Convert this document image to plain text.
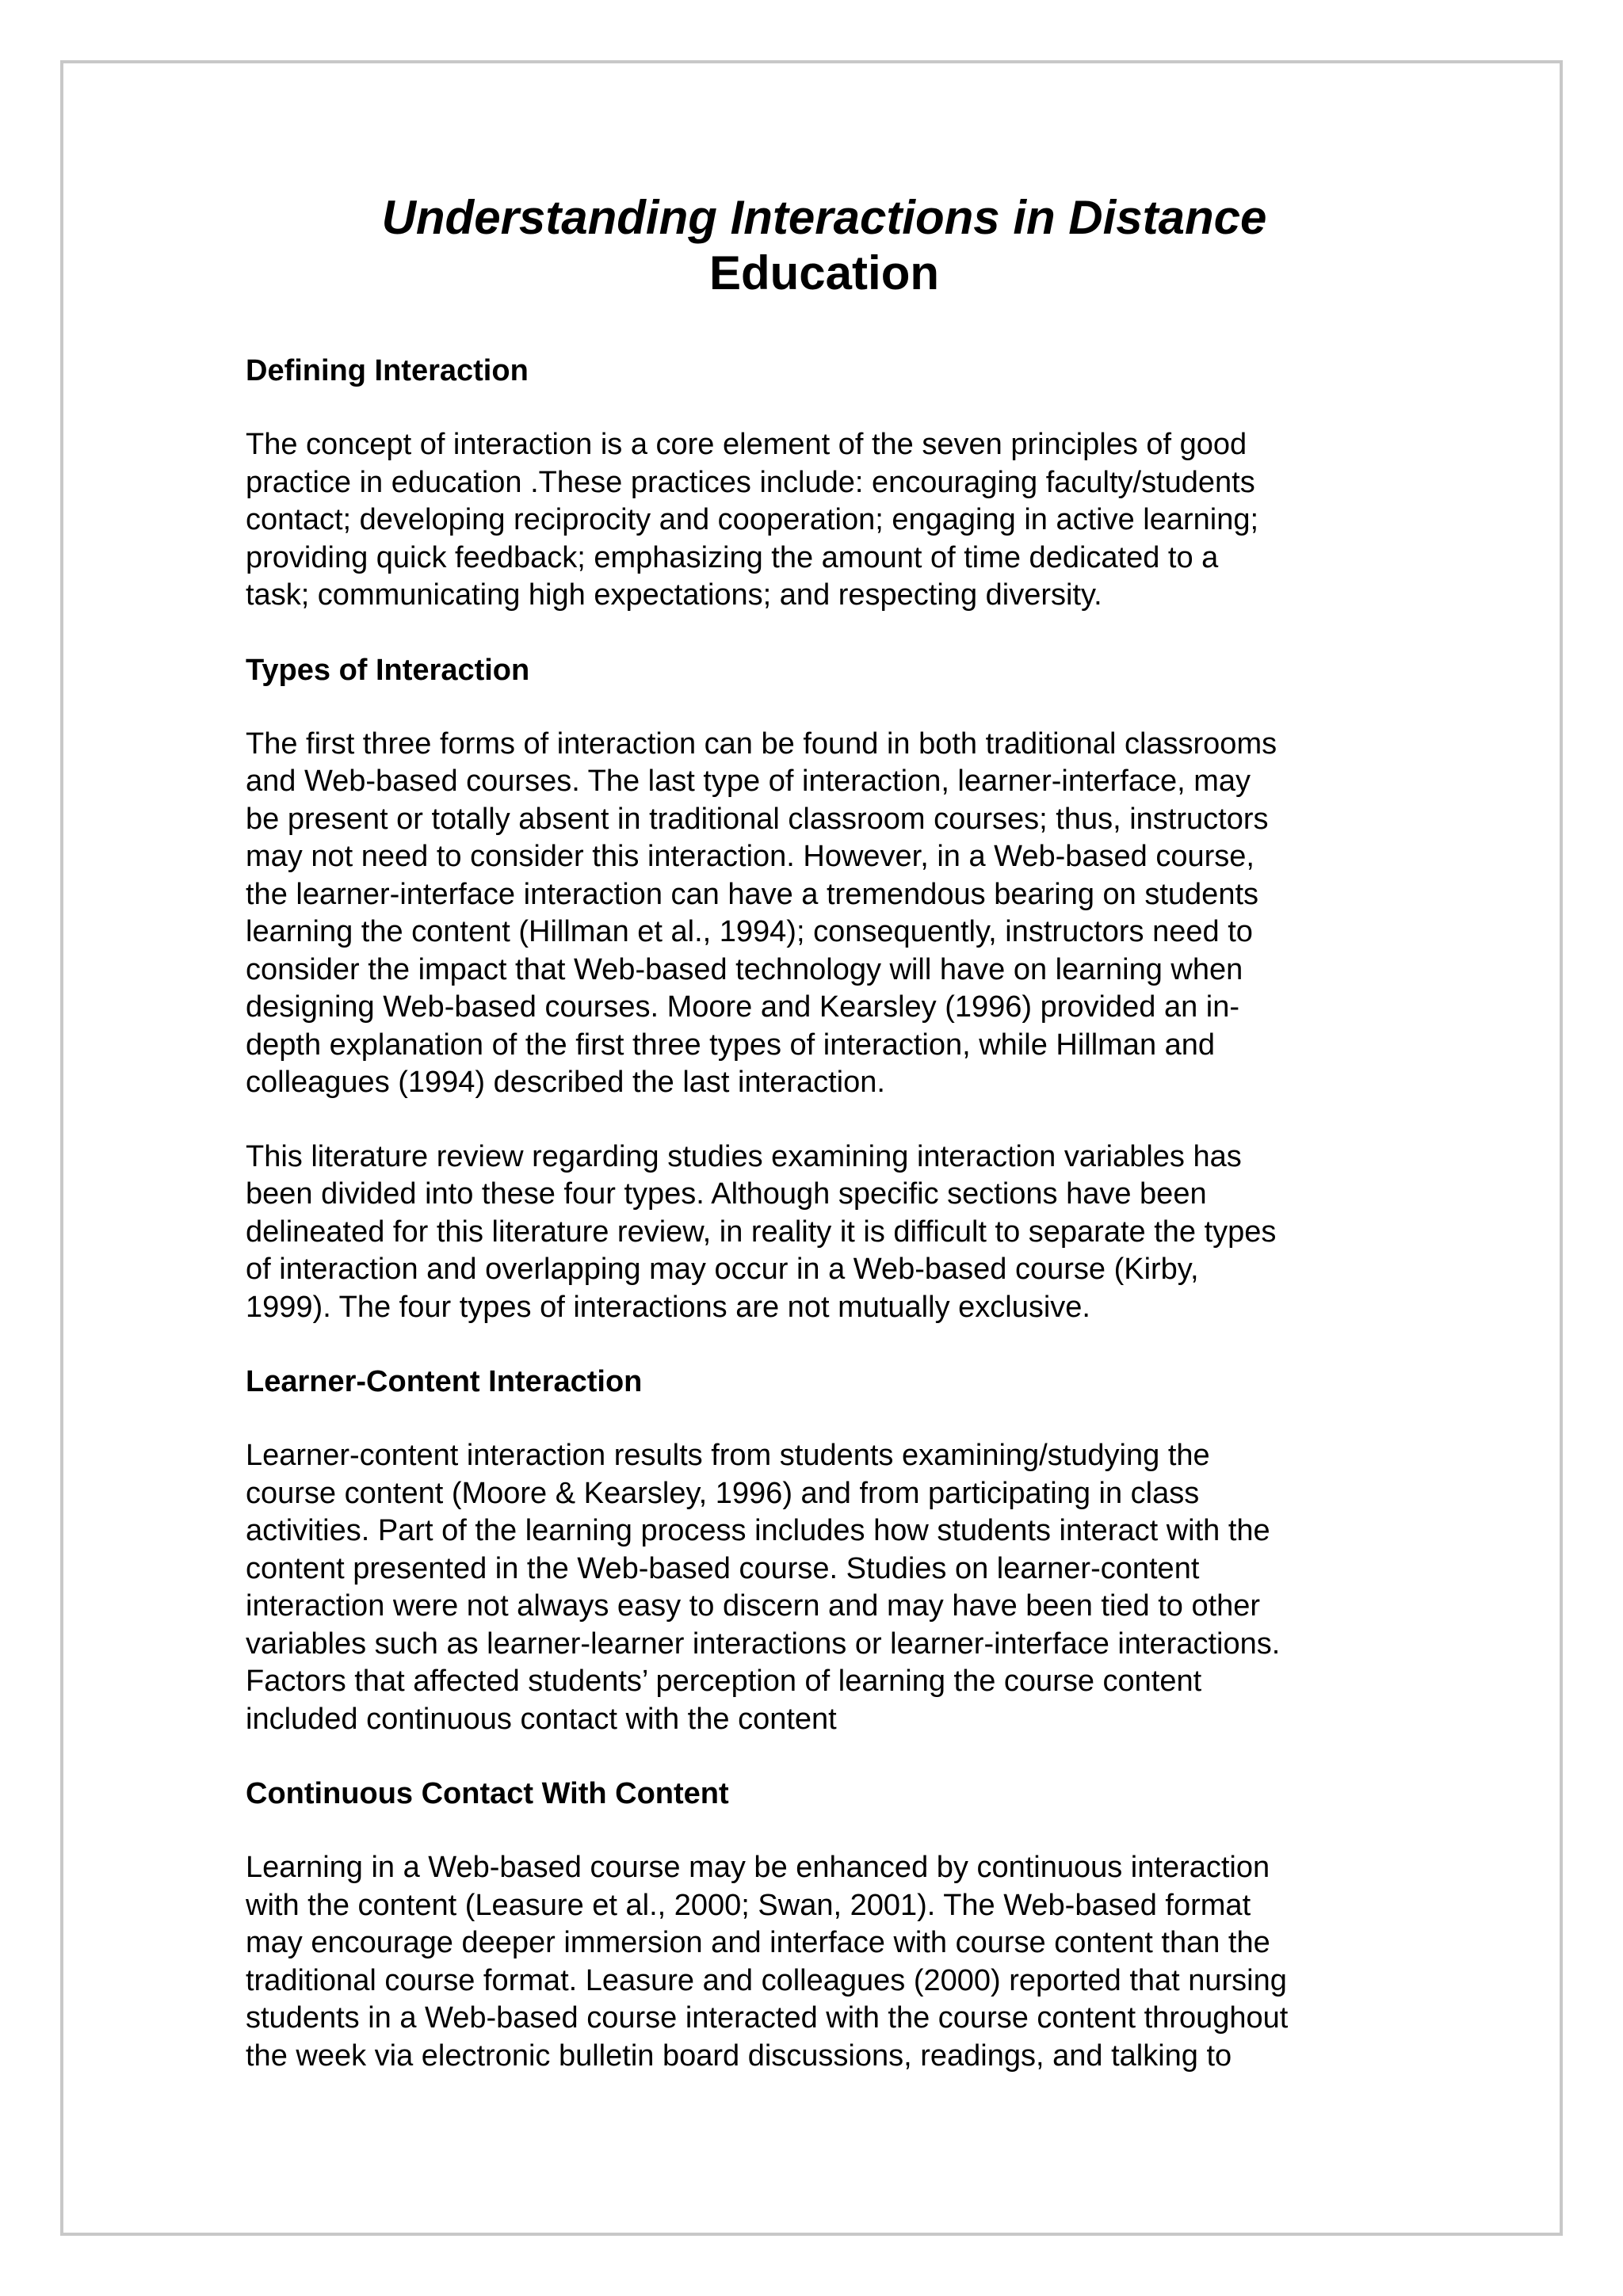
Understanding Interactions in Distance
Education
Defining Interaction

The concept of interaction is a core element of the seven principles of good
practice in education .These practices include: encouraging faculty/students
contact; developing reciprocity and cooperation; engaging in active learning;
providing quick feedback; emphasizing the amount of time dedicated to a
task; communicating high expectations; and respecting diversity.

Types of Interaction

The first three forms of interaction can be found in both traditional classrooms
and Web-based courses. The last type of interaction, learner-interface, may
be present or totally absent in traditional classroom courses; thus, instructors
may not need to consider this interaction. However, in a Web-based course,
the learner-interface interaction can have a tremendous bearing on students
learning the content (Hillman et al., 1994); consequently, instructors need to
consider the impact that Web-based technology will have on learning when
designing Web-based courses. Moore and Kearsley (1996) provided an in-
depth explanation of the first three types of interaction, while Hillman and
colleagues (1994) described the last interaction.

This literature review regarding studies examining interaction variables has
been divided into these four types. Although specific sections have been
delineated for this literature review, in reality it is difficult to separate the types
of interaction and overlapping may occur in a Web-based course (Kirby,
1999). The four types of interactions are not mutually exclusive.

Learner-Content Interaction

Learner-content interaction results from students examining/studying the
course content (Moore & Kearsley, 1996) and from participating in class
activities. Part of the learning process includes how students interact with the
content presented in the Web-based course. Studies on learner-content
interaction were not always easy to discern and may have been tied to other
variables such as learner-learner interactions or learner-interface interactions.
Factors that affected students’ perception of learning the course content
included continuous contact with the content

Continuous Contact With Content

Learning in a Web-based course may be enhanced by continuous interaction
with the content (Leasure et al., 2000; Swan, 2001). The Web-based format
may encourage deeper immersion and interface with course content than the
traditional course format. Leasure and colleagues (2000) reported that nursing
students in a Web-based course interacted with the course content throughout
the week via electronic bulletin board discussions, readings, and talking to
